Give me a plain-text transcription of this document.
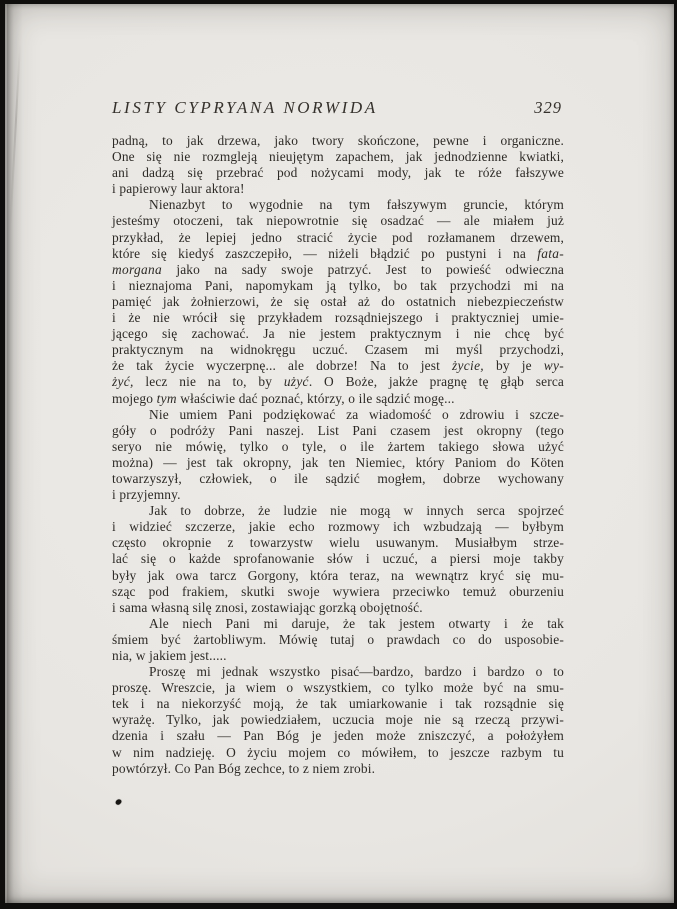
LISTY CYPRYANA NORWIDA	329
padną, to jak drzewa, jako twory skończone, pewne i organiczne.
One się nie rozmgleją nieujętym zapachem, jak jednodzienne kwiatki,
ani dadzą się przebrać pod nożycami mody, jak te róże fałszywe
i papierowy laur aktora!
Nienazbyt to wygodnie na tym fałszywym gruncie, którym
jesteśmy otoczeni, tak niepowrotnie się osadzać — ale miałem już
przykład, że lepiej jedno stracić życie pod rozłamanem drzewem,
które się kiedyś zaszczepiło, — niżeli błądzić po pustyni i na fata-
morgana jako na sady swoje patrzyć. Jest to powieść odwieczna
i nieznajoma Pani, napomykam ją tylko, bo tak przychodzi mi na
pamięć jak żołnierzowi, że się ostał aż do ostatnich niebezpieczeństw
i że nie wrócił się przykładem rozsądniejszego i praktyczniej umie-
jącego się zachować. Ja nie jestem praktycznym i nie chcę być
praktycznym na widnokręgu uczuć. Czasem mi myśl przychodzi,
że tak życie wyczerpnę... ale dobrze! Na to jest życie, by je wy-
żyć, lecz nie na to, by użyć. O Boże, jakże pragnę tę głąb serca
mojego tym właściwie dać poznać, którzy, o ile sądzić mogę...
Nie umiem Pani podziękować za wiadomość o zdrowiu i szcze-
góły o podróży Pani naszej. List Pani czasem jest okropny (tego
seryo nie mówię, tylko o tyle, o ile żartem takiego słowa użyć
można) — jest tak okropny, jak ten Niemiec, który Paniom do Köten
towarzyszył, człowiek, o ile sądzić mogłem, dobrze wychowany
i przyjemny.
Jak to dobrze, że ludzie nie mogą w innych serca spojrzeć
i widzieć szczerze, jakie echo rozmowy ich wzbudzają — byłbym
często okropnie z towarzystw wielu usuwanym. Musiałbym strze-
lać się o każde sprofanowanie słów i uczuć, a piersi moje takby
były jak owa tarcz Gorgony, która teraz, na wewnątrz kryć się mu-
sząc pod frakiem, skutki swoje wywiera przeciwko temuż oburzeniu
i sama własną silę znosi, zostawiając gorzką obojętność.
Ale niech Pani mi daruje, że tak jestem otwarty i że tak
śmiem być żartobliwym. Mówię tutaj o prawdach co do usposobie-
nia, w jakiem jest.....
Proszę mi jednak wszystko pisać—bardzo, bardzo i bardzo o to
proszę. Wreszcie, ja wiem o wszystkiem, co tylko może być na smu-
tek i na niekorzyść moją, że tak umiarkowanie i tak rozsądnie się
wyrażę. Tylko, jak powiedziałem, uczucia moje nie są rzeczą przywi-
dzenia i szału — Pan Bóg je jeden może zniszczyć, a położyłem
w nim nadzieję. O życiu mojem co mówiłem, to jeszcze razbym tu
powtórzył. Co Pan Bóg zechce, to z niem zrobi.
